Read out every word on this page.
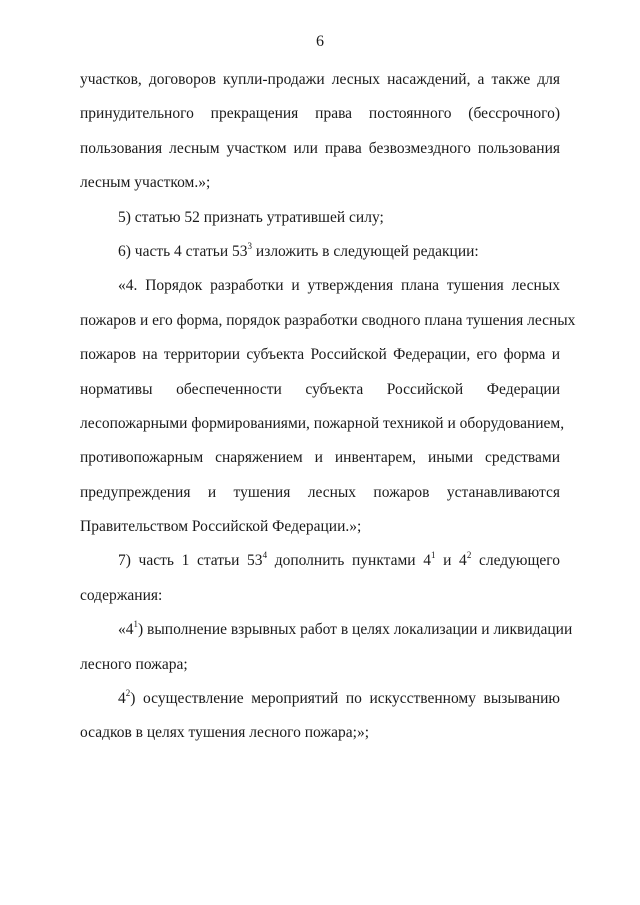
6
участков, договоров купли-продажи лесных насаждений, а также для
принудительного прекращения права постоянного (бессрочного)
пользования лесным участком или права безвозмездного пользования
лесным участком.»;
5) статью 52 признать утратившей силу;
6) часть 4 статьи $53^3$ изложить в следующей редакции:
«4. Порядок разработки и утверждения плана тушения лесных
пожаров и его форма, порядок разработки сводного плана тушения лесных
пожаров на территории субъекта Российской Федерации, его форма и
нормативы обеспеченности субъекта Российской Федерации
лесопожарными формированиями, пожарной техникой и оборудованием,
противопожарным снаряжением и инвентарем, иными средствами
предупреждения и тушения лесных пожаров устанавливаются
Правительством Российской Федерации.»;
7) часть 1 статьи $53^4$ дополнить пунктами $4^1$ и $4^2$ следующего
содержания:
«$4^1$) выполнение взрывных работ в целях локализации и ликвидации
лесного пожара;
$4^2$) осуществление мероприятий по искусственному вызыванию
осадков в целях тушения лесного пожара;»;
